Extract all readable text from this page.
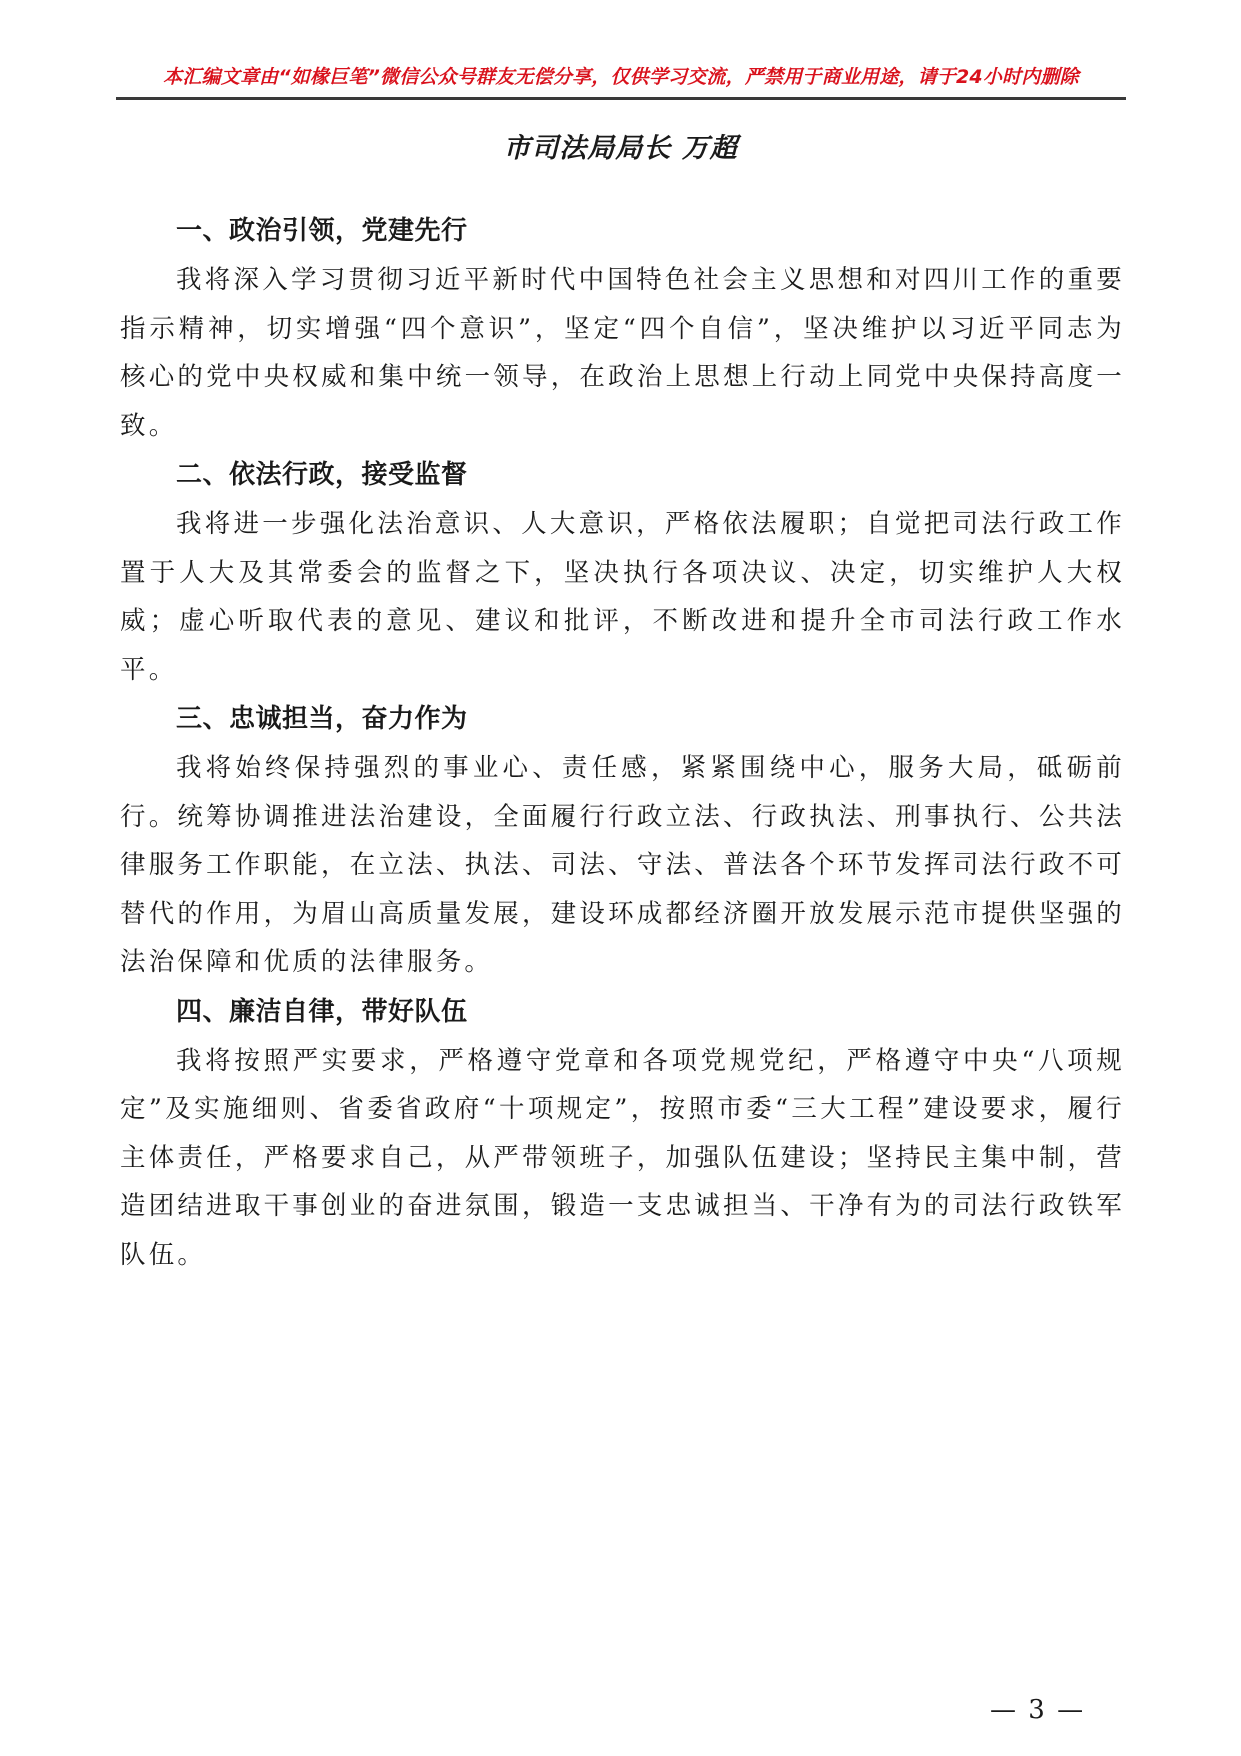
本汇编文章由“如椽巨笔”微信公众号群友无偿分享，仅供学习交流，严禁用于商业用途，请于24小时内删除
市司法局局长 万超
一、政治引领，党建先行

我将深入学习贯彻习近平新时代中国特色社会主义思想和对四川工作的重要指示精神，切实增强“四个意识”，坚定“四个自信”，坚决维护以习近平同志为核心的党中央权威和集中统一领导，在政治上思想上行动上同党中央保持高度一致。

二、依法行政，接受监督

我将进一步强化法治意识、人大意识，严格依法履职；自觉把司法行政工作置于人大及其常委会的监督之下，坚决执行各项决议、决定，切实维护人大权威；虚心听取代表的意见、建议和批评，不断改进和提升全市司法行政工作水平。

三、忠诚担当，奋力作为

我将始终保持强烈的事业心、责任感，紧紧围绕中心，服务大局，砥砺前行。统筹协调推进法治建设，全面履行行政立法、行政执法、刑事执行、公共法律服务工作职能，在立法、执法、司法、守法、普法各个环节发挥司法行政不可替代的作用，为眉山高质量发展，建设环成都经济圈开放发展示范市提供坚强的法治保障和优质的法律服务。

四、廉洁自律，带好队伍

我将按照严实要求，严格遵守党章和各项党规党纪，严格遵守中央“八项规定”及实施细则、省委省政府“十项规定”，按照市委“三大工程”建设要求，履行主体责任，严格要求自己，从严带领班子，加强队伍建设；坚持民主集中制，营造团结进取干事创业的奋进氛围，锻造一支忠诚担当、干净有为的司法行政铁军队伍。

— 3 —
